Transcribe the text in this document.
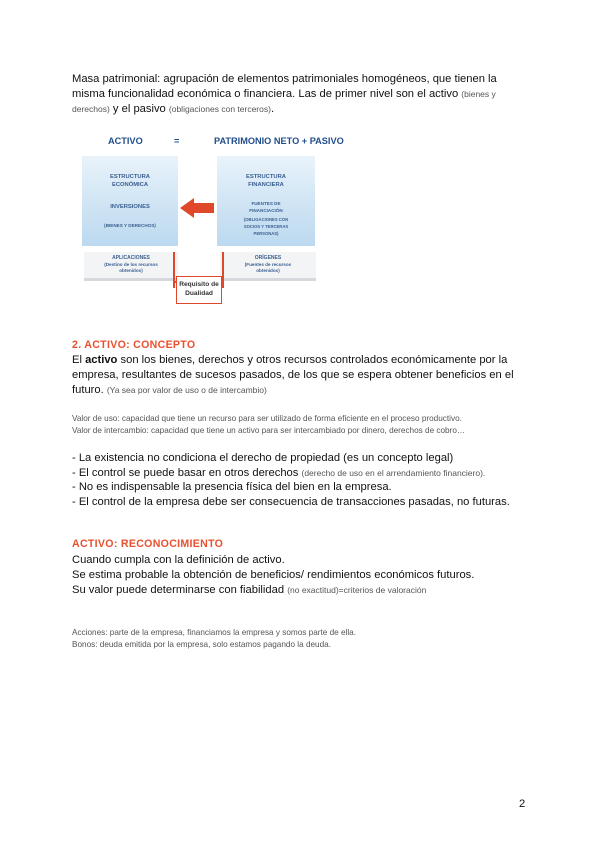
Masa patrimonial: agrupación de elementos patrimoniales homogéneos, que tienen la
misma funcionalidad económica o financiera. Las de primer nivel son el activo (bienes y
derechos) y el pasivo (obligaciones con terceros).
ACTIVO	=	PATRIMONIO NETO + PASIVO
ESTRUCTURA
ECONÓMICA
INVERSIONES
(BIENES Y DERECHOS)
ESTRUCTURA
FINANCIERA
FUENTES DE
FINANCIACIÓN
(OBLIGACIONES CON
SOCIOS Y TERCERAS
PERSONAS)
APLICACIONES
(Destino de los recursos
obtenidos)
ORÍGENES
(Fuentes de recursos
obtenidos)
Requisito de
Dualidad
2. ACTIVO: CONCEPTO
El activo son los bienes, derechos y otros recursos controlados económicamente por la
empresa, resultantes de sucesos pasados, de los que se espera obtener beneficios en el
futuro. (Ya sea por valor de uso o de intercambio)
Valor de uso: capacidad que tiene un recurso para ser utilizado de forma eficiente en el proceso productivo.
Valor de intercambio: capacidad que tiene un activo para ser intercambiado por dinero, derechos de cobro…
- La existencia no condiciona el derecho de propiedad (es un concepto legal)
- El control se puede basar en otros derechos (derecho de uso en el arrendamiento financiero).
- No es indispensable la presencia física del bien en la empresa.
- El control de la empresa debe ser consecuencia de transacciones pasadas, no futuras.
ACTIVO: RECONOCIMIENTO
Cuando cumpla con la definición de activo.
Se estima probable la obtención de beneficios/ rendimientos económicos futuros.
Su valor puede determinarse con fiabilidad (no exactitud)=criterios de valoración
Acciones: parte de la empresa, financiamos la empresa y somos parte de ella.
Bonos: deuda emitida por la empresa, solo estamos pagando la deuda.
2
